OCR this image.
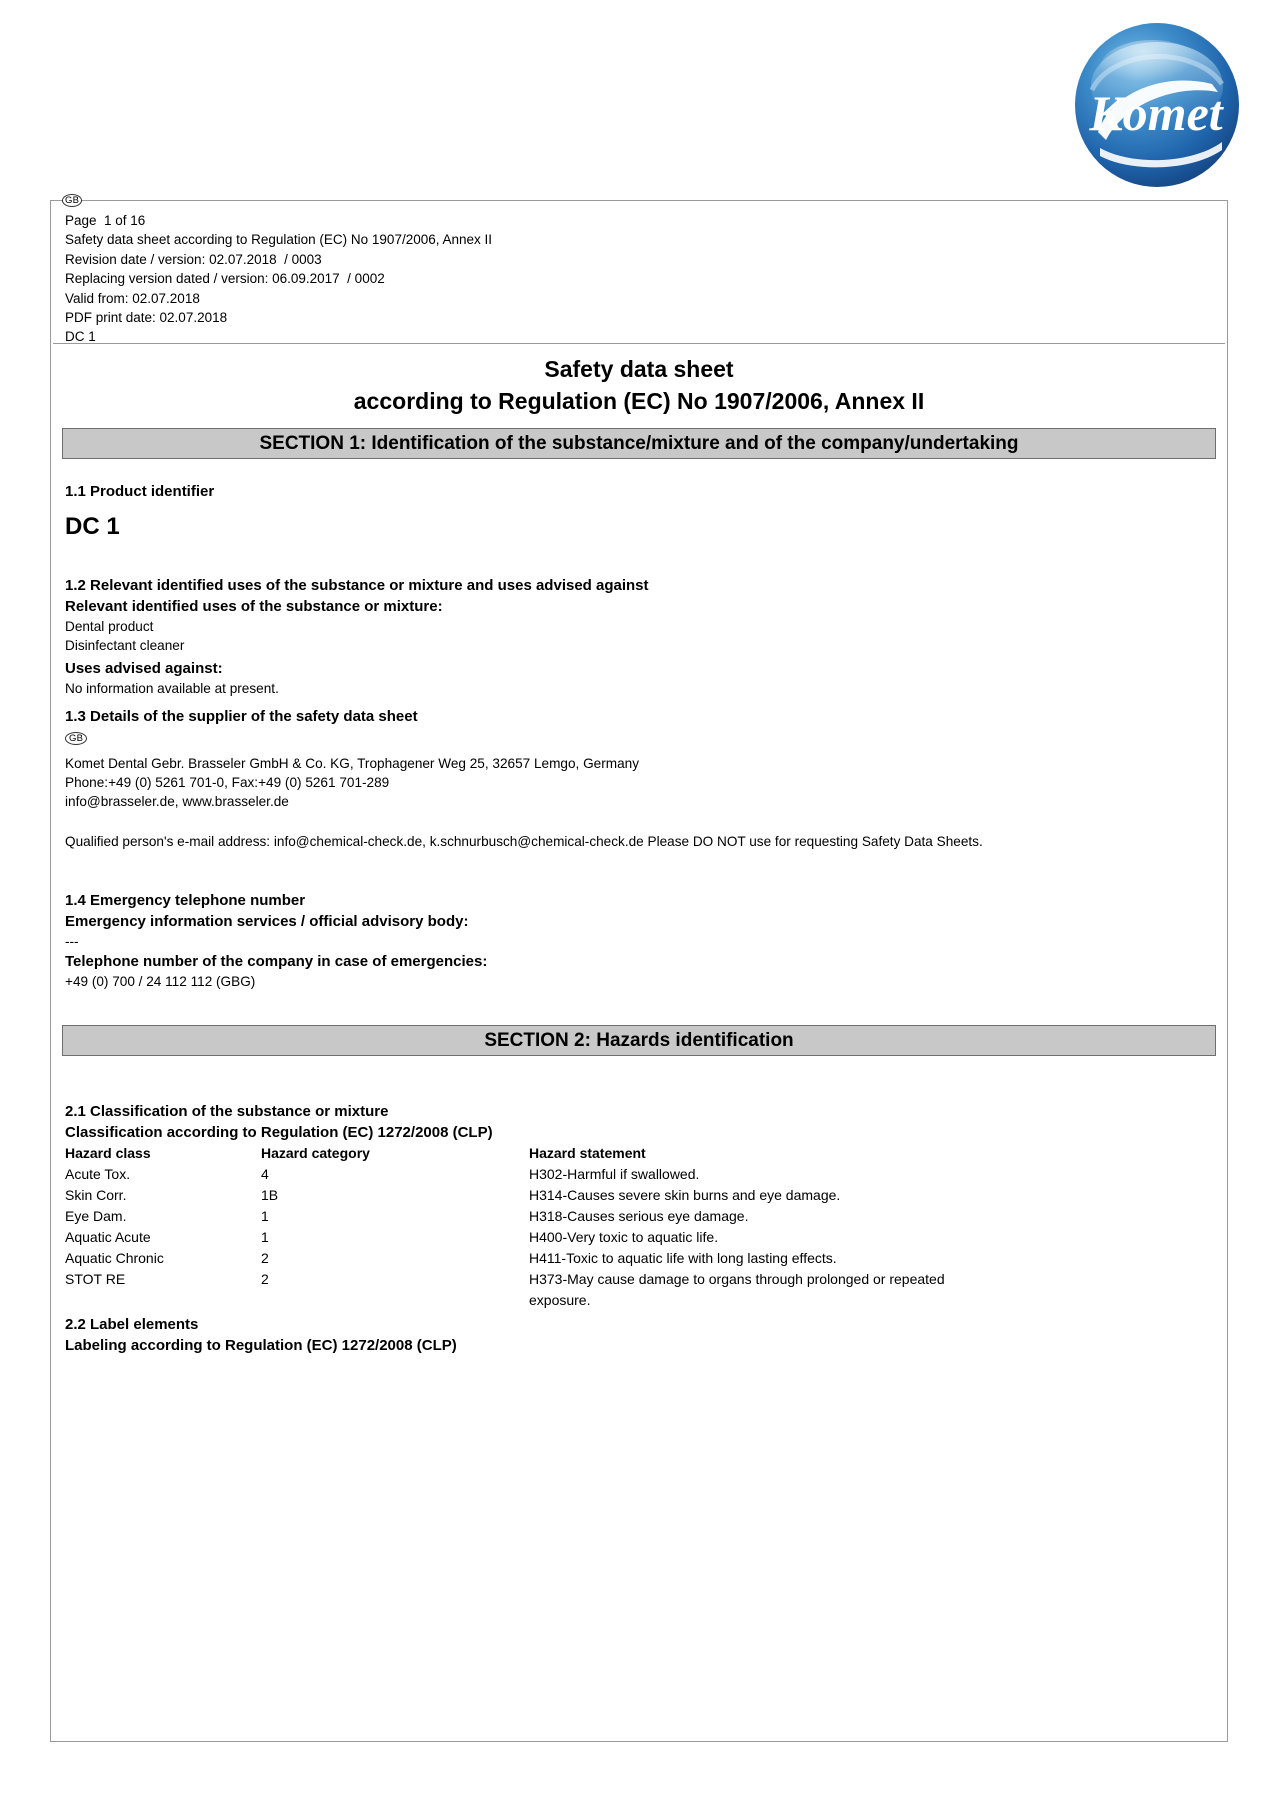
Komet
GB
Page  1 of 16
Safety data sheet according to Regulation (EC) No 1907/2006, Annex II
Revision date / version: 02.07.2018  / 0003
Replacing version dated / version: 06.09.2017  / 0002
Valid from: 02.07.2018
PDF print date: 02.07.2018
DC 1
Safety data sheet
according to Regulation (EC) No 1907/2006, Annex II
SECTION 1: Identification of the substance/mixture and of the company/undertaking
1.1 Product identifier
DC 1
1.2 Relevant identified uses of the substance or mixture and uses advised against
Relevant identified uses of the substance or mixture:
Dental product
Disinfectant cleaner
Uses advised against:
No information available at present.
1.3 Details of the supplier of the safety data sheet
GB
Komet Dental Gebr. Brasseler GmbH & Co. KG, Trophagener Weg 25, 32657 Lemgo, Germany
Phone:+49 (0) 5261 701-0, Fax:+49 (0) 5261 701-289
info@brasseler.de, www.brasseler.de
Qualified person's e-mail address: info@chemical-check.de, k.schnurbusch@chemical-check.de Please DO NOT use for requesting Safety Data Sheets.
1.4 Emergency telephone number
Emergency information services / official advisory body:
---
Telephone number of the company in case of emergencies:
+49 (0) 700 / 24 112 112 (GBG)
SECTION 2: Hazards identification
2.1 Classification of the substance or mixture
Classification according to Regulation (EC) 1272/2008 (CLP)
Hazard class	Hazard category	Hazard statement
Acute Tox.	4	H302-Harmful if swallowed.

Skin Corr.	1B	H314-Causes severe skin burns and eye damage.

Eye Dam.	1	H318-Causes serious eye damage.

Aquatic Acute	1	H400-Very toxic to aquatic life.

Aquatic Chronic	2	H411-Toxic to aquatic life with long lasting effects.

STOT RE	2	H373-May cause damage to organs through prolonged or repeated exposure.
2.2 Label elements
Labeling according to Regulation (EC) 1272/2008 (CLP)
